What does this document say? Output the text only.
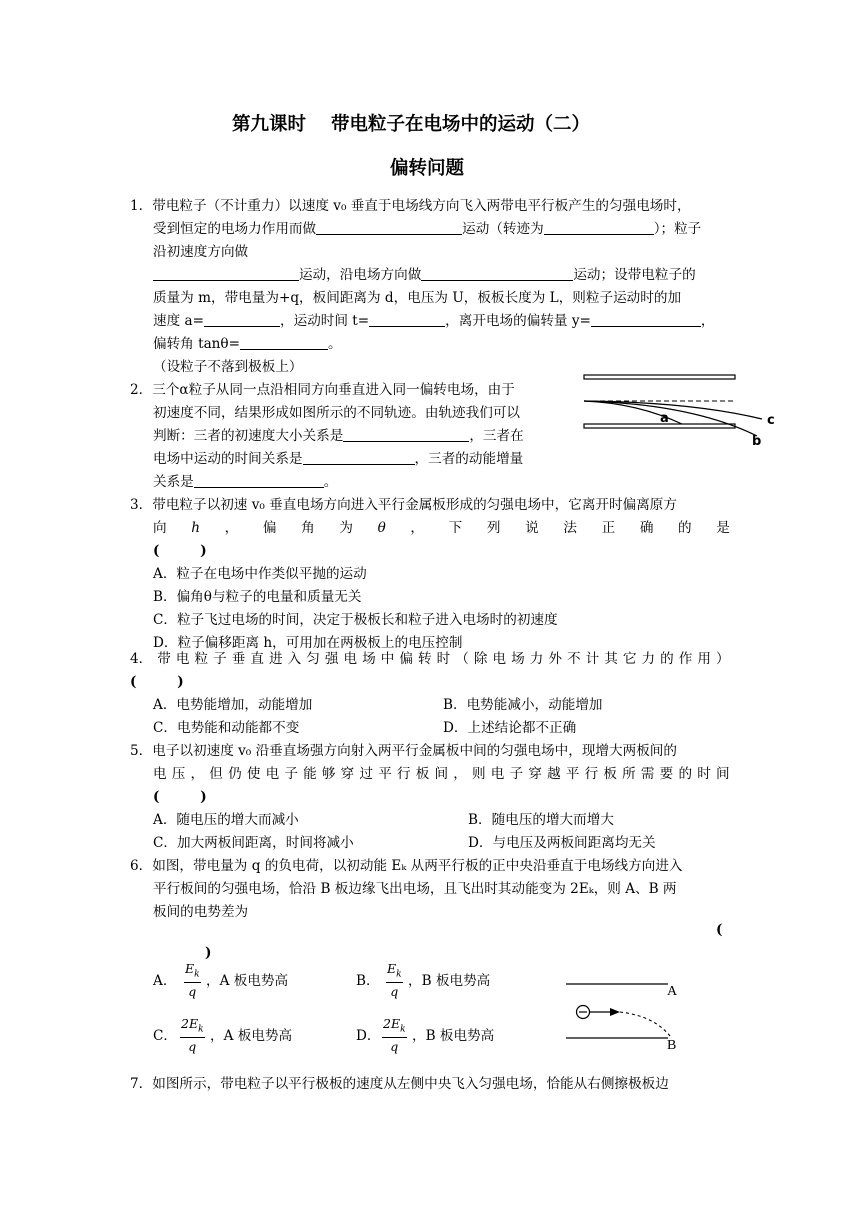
第九课时　 带电粒子在电场中的运动（二）
偏转问题
1．带电粒子（不计重力）以速度 v₀ 垂直于电场线方向飞入两带电平行板产生的匀强电场时，
受到恒定的电场力作用而做	运动（转迹为	）；粒子
沿初速度方向做
运动，沿电场方向做	运动；设带电粒子的
质量为 m，带电量为+q，板间距离为 d，电压为 U，板板长度为 L，则粒子运动时的加
速度 a=	，运动时间 t=	，离开电场的偏转量 y=	，
偏转角 tanθ=	。
（设粒子不落到极板上）
2．三个α粒子从同一点沿相同方向垂直进入同一偏转电场，由于
初速度不同，结果形成如图所示的不同轨迹。由轨迹我们可以
判断：三者的初速度大小关系是	，三者在
电场中运动的时间关系是	，三者的动能增量
关系是	。
a
b
c
3．带电粒子以初速 v₀ 垂直电场方向进入平行金属板形成的匀强电场中，它离开时偏离原方
向 h ， 偏 角 为 θ ， 下 列 说 法 正 确 的 是
(　　　)
A．粒子在电场中作类似平抛的运动
B．偏角θ与粒子的电量和质量无关
C．粒子飞过电场的时间，决定于极板长和粒子进入电场时的初速度
D．粒子偏移距离 h，可用加在两极板上的电压控制
4． 带 电 粒 子 垂 直 进 入 匀 强 电 场 中 偏 转 时 （ 除 电 场 力 外 不 计 其 它 力 的 作 用 ）
(　　　)
A．电势能增加，动能增加	B．电势能减小，动能增加
C．电势能和动能都不变	D．上述结论都不正确
5．电子以初速度 v₀ 沿垂直场强方向射入两平行金属板中间的匀强电场中，现增大两板间的
电 压 ， 但 仍 使 电 子 能 够 穿 过 平 行 板 间 ， 则 电 子 穿 越 平 行 板 所 需 要 的 时 间
(　　　)
A．随电压的增大而减小	B．随电压的增大而增大
C．加大两板间距离，时间将减小	D．与电压及两板间距离均无关
6．如图，带电量为 q 的负电荷，以初动能 Eₖ 从两平行板的正中央沿垂直于电场线方向进入
平行板间的匀强电场，恰沿 B 板边缘飞出电场，且飞出时其动能变为 2Eₖ，则 A、B 两
板间的电势差为
(
)
A． $\frac{E_k}{q}$ ，A 板电势高	B． $\frac{E_k}{q}$ ，B 板电势高
C． $\frac{2E_k}{q}$ ，A 板电势高	D． $\frac{2E_k}{q}$ ，B 板电势高
A
B
7．如图所示，带电粒子以平行极板的速度从左侧中央飞入匀强电场，恰能从右侧擦极板边
